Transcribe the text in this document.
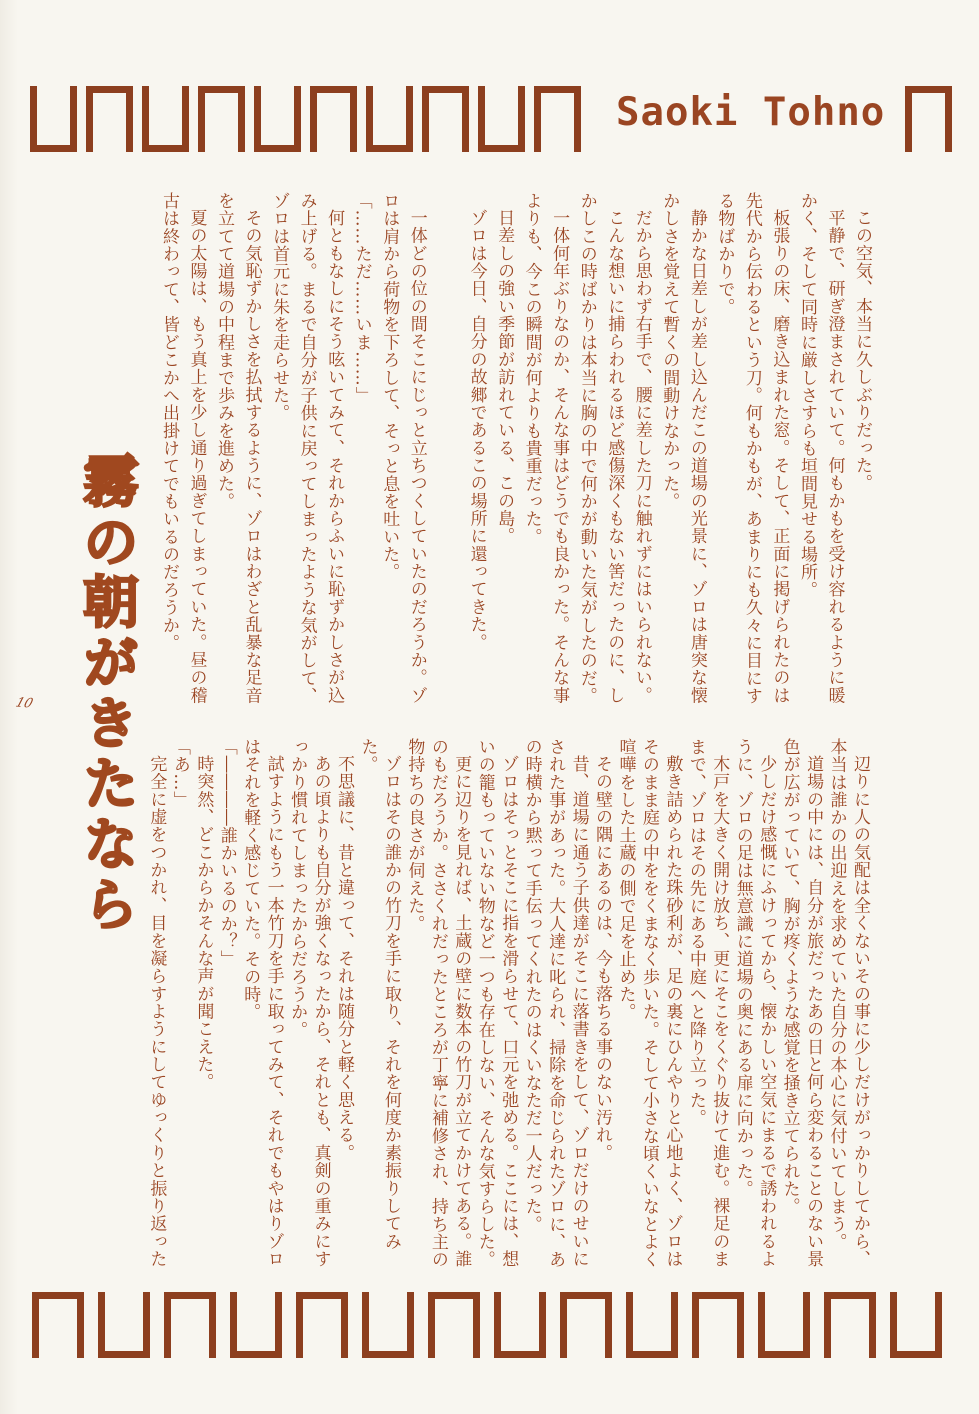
Saoki Tohno

この空気、本当に久しぶりだった。

平静で、研ぎ澄まされていて。何もかもを受け容れるように暖かく、そして同時に厳しさすらも垣間見せる場所。

板張りの床、磨き込まれた窓。そして、正面に掲げられたのは先代から伝わるという刀。何もかもが、あまりにも久々に目にする物ばかりで。

静かな日差しが差し込んだこの道場の光景に、ゾロは唐突な懐かしさを覚えて暫くの間動けなかった。

だから思わず右手で、腰に差した刀に触れずにはいられない。

こんな想いに捕らわれるほど感傷深くもない筈だったのに、しかしこの時ばかりは本当に胸の中で何かが動いた気がしたのだ。

一体何年ぶりなのか、そんな事はどうでも良かった。そんな事よりも、今この瞬間が何よりも貴重だった。

日差しの強い季節が訪れている、この島。

ゾロは今日、自分の故郷であるこの場所に還ってきた。

一体どの位の間そこにじっと立ちつくしていたのだろうか。ゾロは肩から荷物を下ろして、そっと息を吐いた。

「……ただ……いま……」

何ともなしにそう呟いてみて、それからふいに恥ずかしさが込み上げる。まるで自分が子供に戻ってしまったような気がして、ゾロは首元に朱を走らせた。

その気恥ずかしさを払拭するように、ゾロはわざと乱暴な足音を立てて道場の中程まで歩みを進めた。

夏の太陽は、もう真上を少し通り過ぎてしまっていた。昼の稽古は終わって、皆どこかへ出掛けてでもいるのだろうか。

霧の朝がきたなら
10

辺りに人の気配は全くないその事に少しだけがっかりしてから、本当は誰かの出迎えを求めていた自分の本心に気付いてしまう。

道場の中には、自分が旅だったあの日と何ら変わることのない景色が広がっていて、胸が疼くような感覚を掻き立てられた。

少しだけ感慨にふけってから、懐かしい空気にまるで誘われるように、ゾロの足は無意識に道場の奥にある扉に向かった。

木戸を大きく開け放ち、更にそこをくぐり抜けて進む。裸足のままで、ゾロはその先にある中庭へと降り立った。

敷き詰められた珠砂利が、足の裏にひんやりと心地よく、ゾロはそのまま庭の中ををくまなく歩いた。そして小さな頃くいなとよく喧嘩をした土蔵の側で足を止めた。

その壁の隅にあるのは、今も落ちる事のない汚れ。

昔、道場に通う子供達がそこに落書きをして、ゾロだけのせいにされた事があった。大人達に叱られ、掃除を命じられたゾロに、あの時横から黙って手伝ってくれたのはくいなただ一人だった。

ゾロはそっとそこに指を滑らせて、口元を弛める。ここには、想いの籠もっていない物など一つも存在しない、そんな気すらした。

更に辺りを見れば、土蔵の壁に数本の竹刀が立てかけてある。誰のもだろうか。ささくれだったところが丁寧に補修され、持ち主の物持ちの良さが伺えた。

ゾロはその誰かの竹刀を手に取り、それを何度か素振りしてみた。

不思議に、昔と違って、それは随分と軽く思える。

あの頃よりも自分が強くなったから、それとも、真剣の重みにすっかり慣れてしまったからだろうか。

試すようにもう一本竹刀を手に取ってみて、それでもやはりゾロはそれを軽く感じていた。その時。

「――――誰かいるのか？」

時突然、どこからかそんな声が聞こえた。

「あ…」

完全に虚をつかれ、目を凝らすようにしてゆっくりと振り返った
